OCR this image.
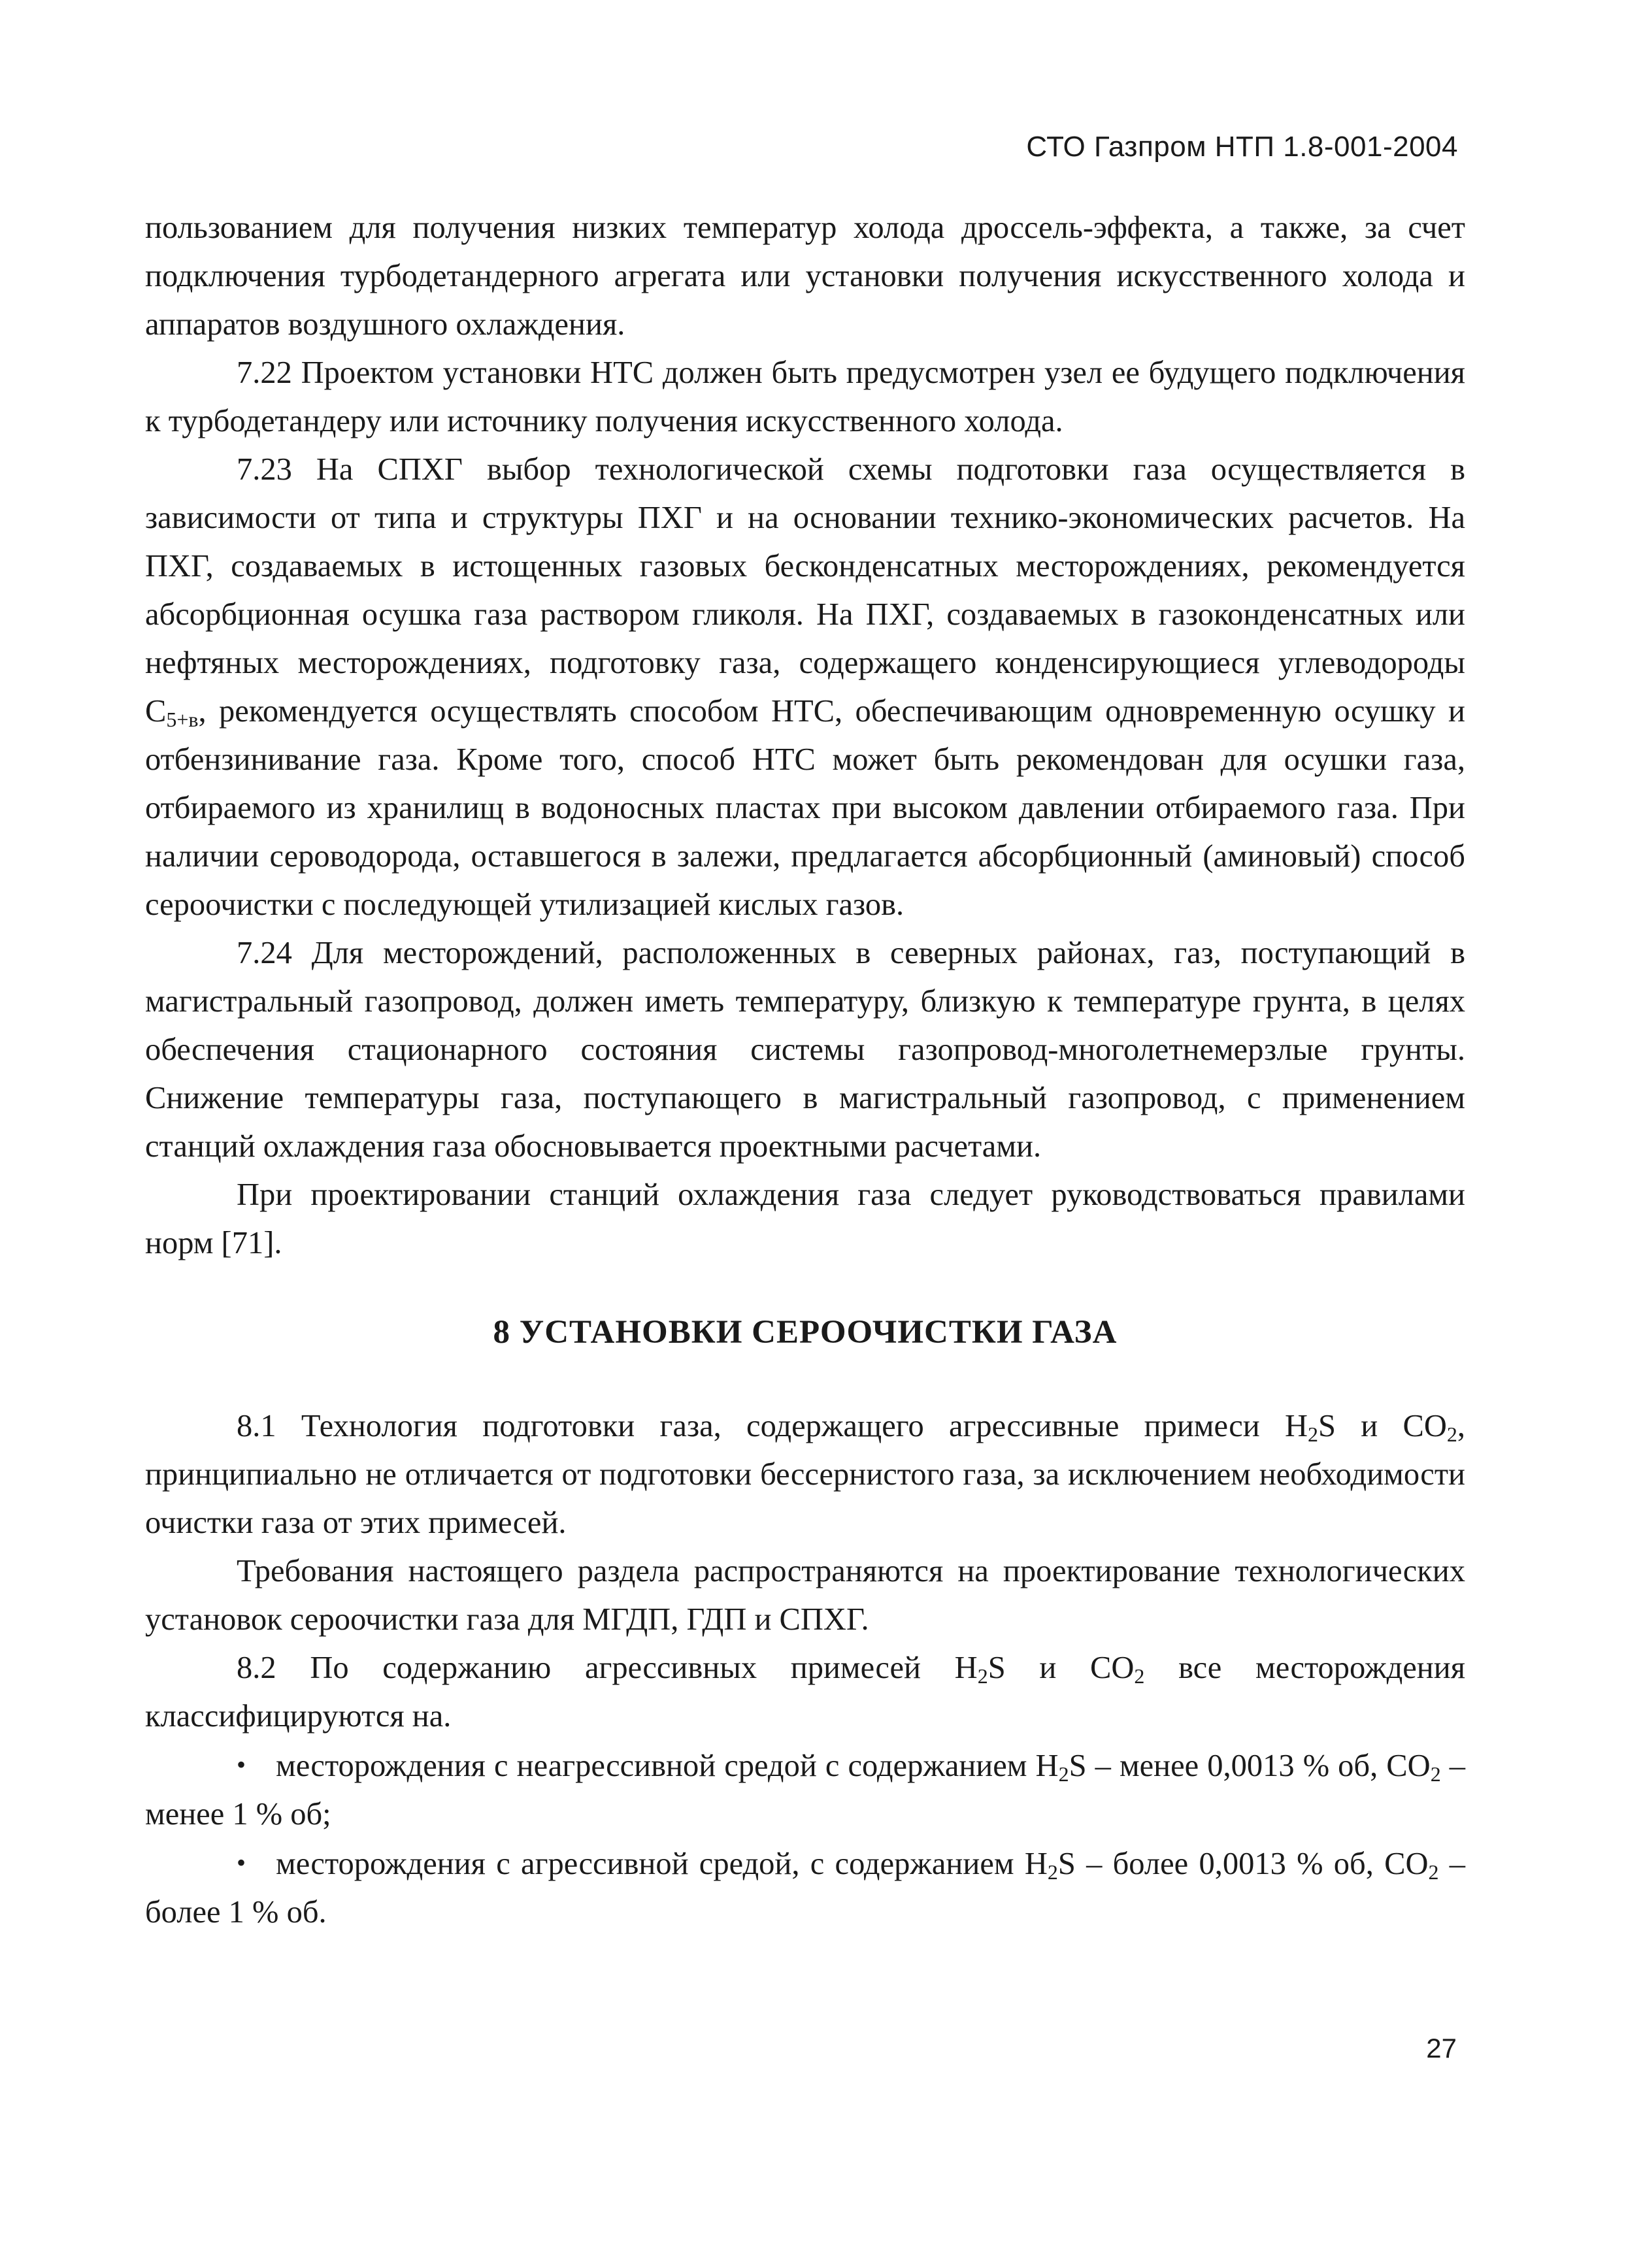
СТО Газпром НТП 1.8-001-2004

пользованием для получения низких температур холода дроссель-эффекта, а также, за счет подключения турбодетандерного агрегата или установки получения искусственного холода и аппаратов воздушного охлаждения.

7.22 Проектом установки НТС должен быть предусмотрен узел ее будущего подключения к турбодетандеру или источнику получения искусственного холода.

7.23 На СПХГ выбор технологической схемы подготовки газа осуществляется в зависимости от типа и структуры ПХГ и на основании технико-экономических расчетов. На ПХГ, создаваемых в истощенных газовых бесконденсатных месторождениях, рекомендуется абсорбционная осушка газа раствором гликоля. На ПХГ, создаваемых в газоконденсатных или нефтяных месторождениях, подготовку газа, содержащего конденсирующиеся углеводороды $С_{5+в}$, рекомендуется осуществлять способом НТС, обеспечивающим одновременную осушку и отбензинивание газа. Кроме того, способ НТС может быть рекомендован для осушки газа, отбираемого из хранилищ в водоносных пластах при высоком давлении отбираемого газа. При наличии сероводорода, оставшегося в залежи, предлагается абсорбционный (аминовый) способ сероочистки с последующей утилизацией кислых газов.

7.24 Для месторождений, расположенных в северных районах, газ, поступающий в магистральный газопровод, должен иметь температуру, близкую к температуре грунта, в целях обеспечения стационарного состояния системы газопровод-многолетнемерзлые грунты. Снижение температуры газа, поступающего в магистральный газопровод, с применением станций охлаждения газа обосновывается проектными расчетами.

При проектировании станций охлаждения газа следует руководствоваться правилами норм [71].

8 УСТАНОВКИ СЕРООЧИСТКИ ГАЗА

8.1 Технология подготовки газа, содержащего агрессивные примеси $Н_2S$ и $СО_2$, принципиально не отличается от подготовки бессернистого газа, за исключением необходимости очистки газа от этих примесей.

Требования настоящего раздела распространяются на проектирование технологических установок сероочистки газа для МГДП, ГДП и СПХГ.

8.2 По содержанию агрессивных примесей $Н_2S$ и $СО_2$ все месторождения классифицируются на.

• месторождения с неагрессивной средой с содержанием $Н_2S$ – менее 0,0013 % об, $СО_2$ – менее 1 % об;

• месторождения с агрессивной средой, с содержанием $Н_2S$ – более 0,0013 % об, $СО_2$ – более 1 % об.

27
